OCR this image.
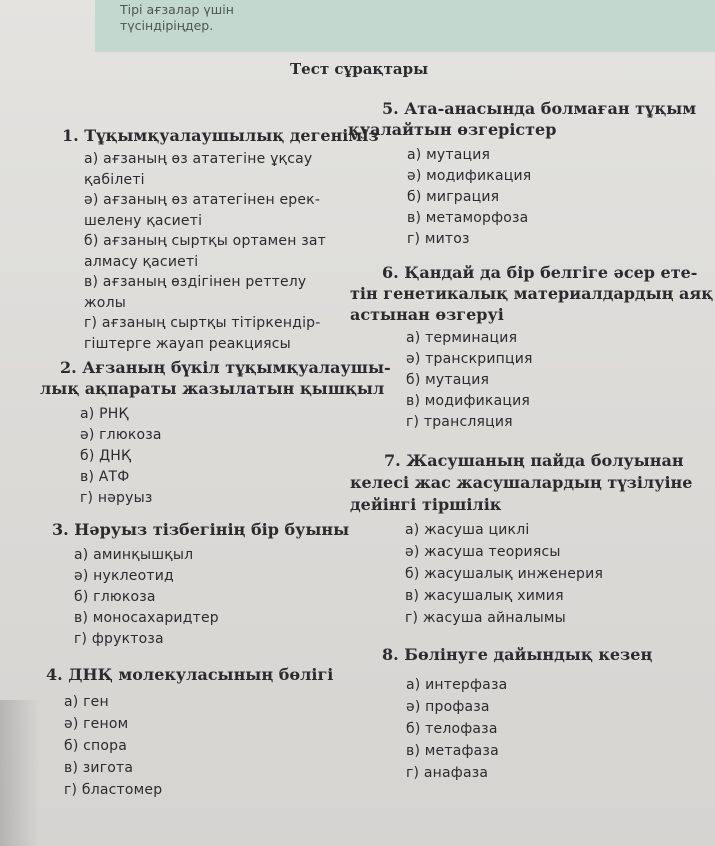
Тірі ағзалар үшін
түсіндіріңдер.
Тест сұрақтары
1. Тұқымқуалаушылық дегеніміз
а) ағзаның өз ататегіне ұқсау
қабілеті
ә) ағзаның өз ататегінен ерек-
шелену қасиеті
б) ағзаның сыртқы ортамен зат
алмасу қасиеті
в) ағзаның өздігінен реттелу
жолы
г) ағзаның сыртқы тітіркендір-
гіштерге жауап реакциясы
2. Ағзаның бүкіл тұқымқуалаушы-
лық ақпараты жазылатын қышқыл
а) РНҚ
ә) глюкоза
б) ДНҚ
в) АТФ
г) нәруыз
3. Нәруыз тізбегінің бір буыны
а) аминқышқыл
ә) нуклеотид
б) глюкоза
в) моносахаридтер
г) фруктоза
4. ДНҚ молекуласының бөлігі
а) ген
ә) геном
б) спора
в) зигота
г) бластомер
5. Ата-анасында болмаған тұқым
қуалайтын өзгерістер
а) мутация
ә) модификация
б) миграция
в) метаморфоза
г) митоз
6. Қандай да бір белгіге әсер ете-
тін генетикалық материалдардың аяқ
астынан өзгеруі
а) терминация
ә) транскрипция
б) мутация
в) модификация
г) трансляция
7. Жасушаның пайда болуынан
келесі жас жасушалардың түзілуіне
дейінгі тіршілік
а) жасуша циклі
ә) жасуша теориясы
б) жасушалық инженерия
в) жасушалық химия
г) жасуша айналымы
8. Бөлінуге дайындық кезең
а) интерфаза
ә) профаза
б) телофаза
в) метафаза
г) анафаза
